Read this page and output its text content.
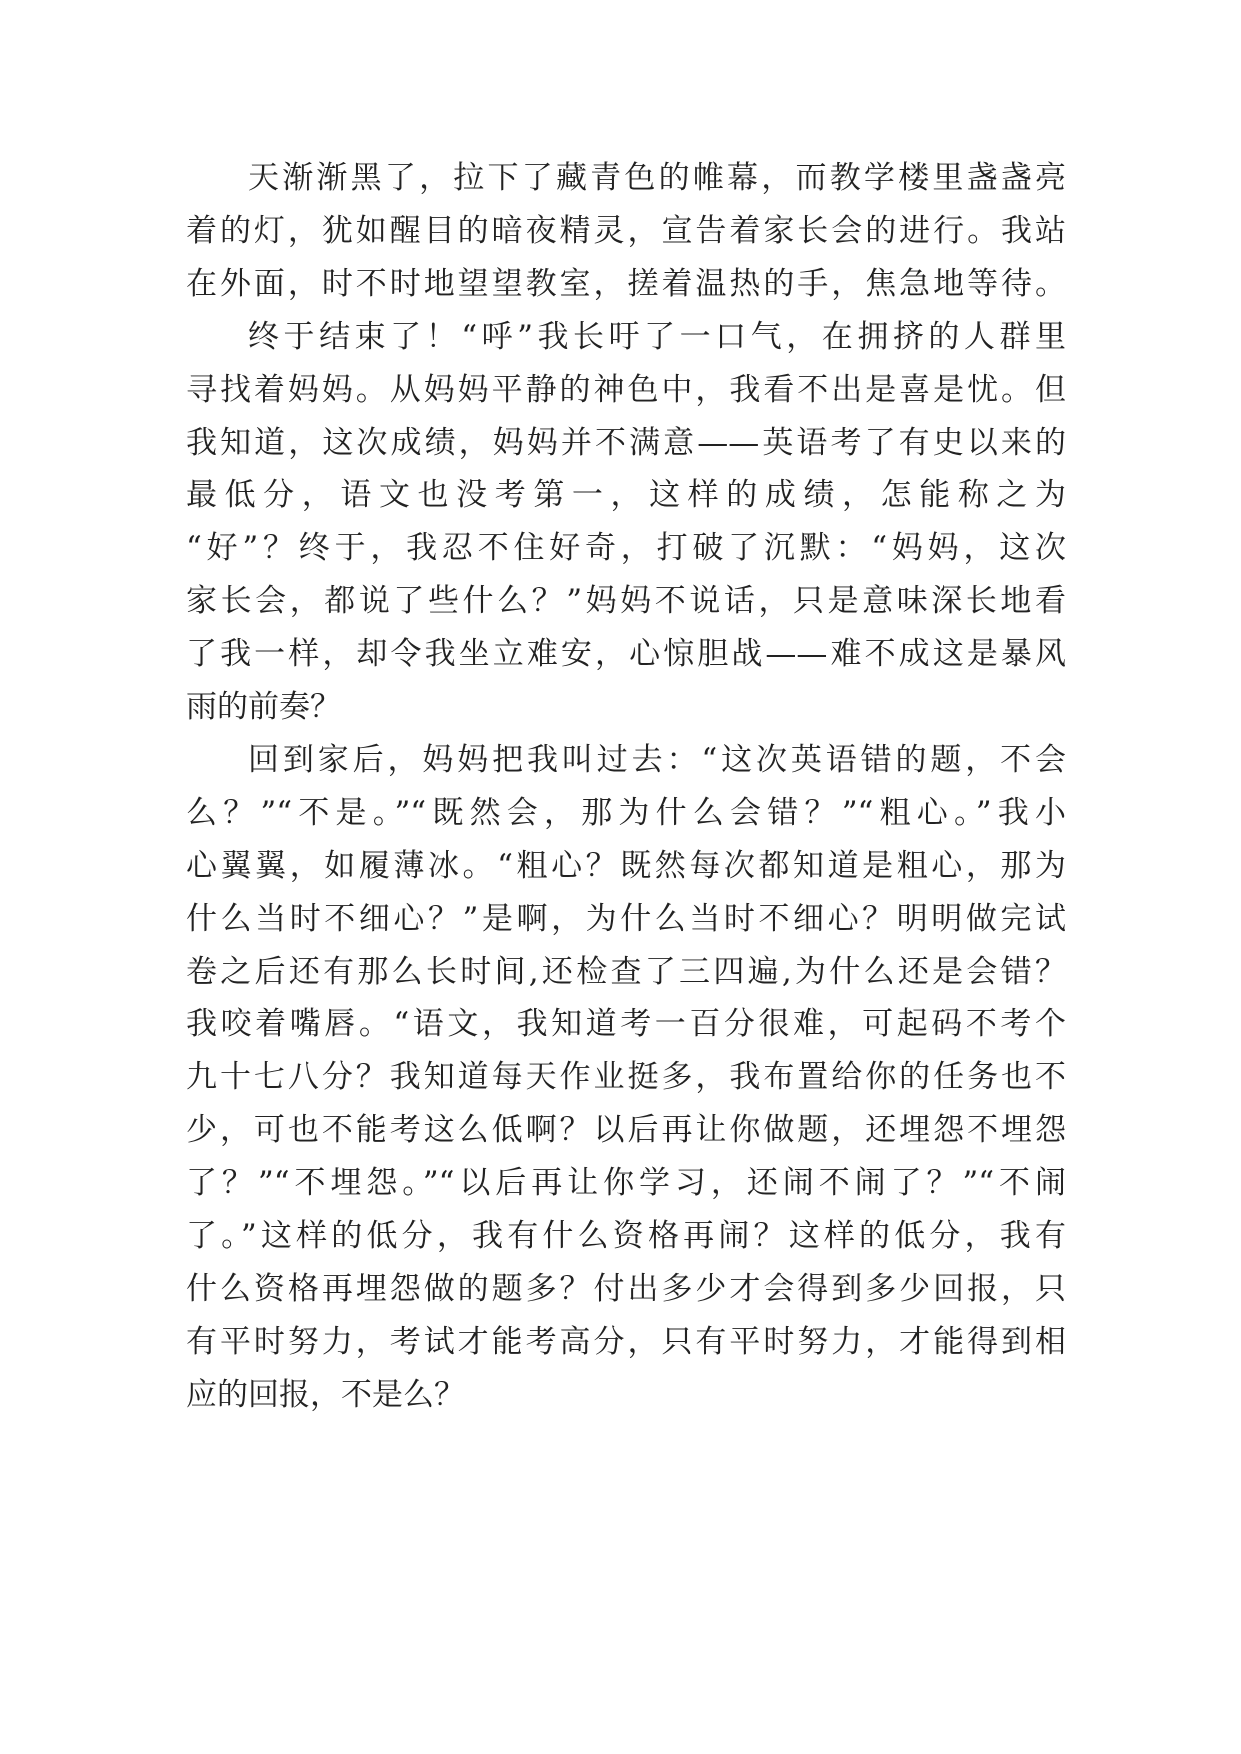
天渐渐黑了，拉下了藏青色的帷幕，而教学楼里盏盏亮
着的灯，犹如醒目的暗夜精灵，宣告着家长会的进行。我站
在外面，时不时地望望教室，搓着温热的手，焦急地等待。
终于结束了！“呼”我长吁了一口气，在拥挤的人群里
寻找着妈妈。从妈妈平静的神色中，我看不出是喜是忧。但
我知道，这次成绩，妈妈并不满意——英语考了有史以来的
最低分，语文也没考第一，这样的成绩，怎能称之为
“好”？终于，我忍不住好奇，打破了沉默：“妈妈，这次
家长会，都说了些什么？”妈妈不说话，只是意味深长地看
了我一样，却令我坐立难安，心惊胆战——难不成这是暴风
雨的前奏？
回到家后，妈妈把我叫过去：“这次英语错的题，不会
么？”“不是。”“既然会，那为什么会错？”“粗心。”我小
心翼翼，如履薄冰。“粗心？既然每次都知道是粗心，那为
什么当时不细心？”是啊，为什么当时不细心？明明做完试
卷之后还有那么长时间,还检查了三四遍,为什么还是会错？
我咬着嘴唇。“语文，我知道考一百分很难，可起码不考个
九十七八分？我知道每天作业挺多，我布置给你的任务也不
少，可也不能考这么低啊？以后再让你做题，还埋怨不埋怨
了？”“不埋怨。”“以后再让你学习，还闹不闹了？”“不闹
了。”这样的低分，我有什么资格再闹？这样的低分，我有
什么资格再埋怨做的题多？付出多少才会得到多少回报，只
有平时努力，考试才能考高分，只有平时努力，才能得到相
应的回报，不是么？
